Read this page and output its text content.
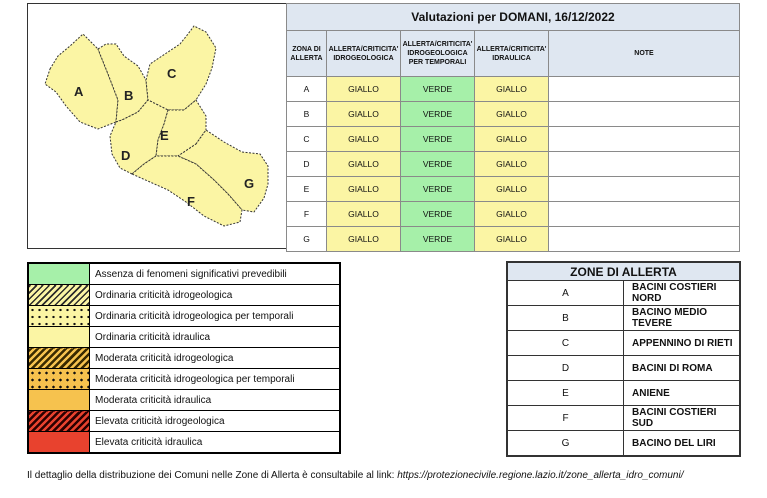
A	B
C
D
E
F
G
Valutazioni per DOMANI, 16/12/2022				
ZONA DI ALLERTA	ALLERTA/CRITICITA' IDROGEOLOGICA	ALLERTA/CRITICITA' IDROGEOLOGICA PER TEMPORALI	ALLERTA/CRITICITA' IDRAULICA	NOTE
A	GIALLO	VERDE	GIALLO	
B	GIALLO	VERDE	GIALLO	
C	GIALLO	VERDE	GIALLO	
D	GIALLO	VERDE	GIALLO	
E	GIALLO	VERDE	GIALLO	
F	GIALLO	VERDE	GIALLO	
G	GIALLO	VERDE	GIALLO	
	Assenza di fenomeni significativi prevedibili
	Ordinaria criticità idrogeologica
	Ordinaria criticità idrogeologica per temporali
	Ordinaria criticità idraulica
	Moderata criticità idrogeologica
	Moderata criticità idrogeologica per temporali
	Moderata criticità idraulica
	Elevata criticità idrogeologica
	Elevata criticità idraulica
ZONE DI ALLERTA	
A	BACINI COSTIERI NORD
B	BACINO MEDIO TEVERE
C	APPENNINO DI RIETI
D	BACINI DI ROMA
E	ANIENE
F	BACINI COSTIERI SUD
G	BACINO DEL LIRI
Il dettaglio della distribuzione dei Comuni nelle Zone di Allerta è consultabile al link: https://protezionecivile.regione.lazio.it/zone_allerta_idro_comuni/
